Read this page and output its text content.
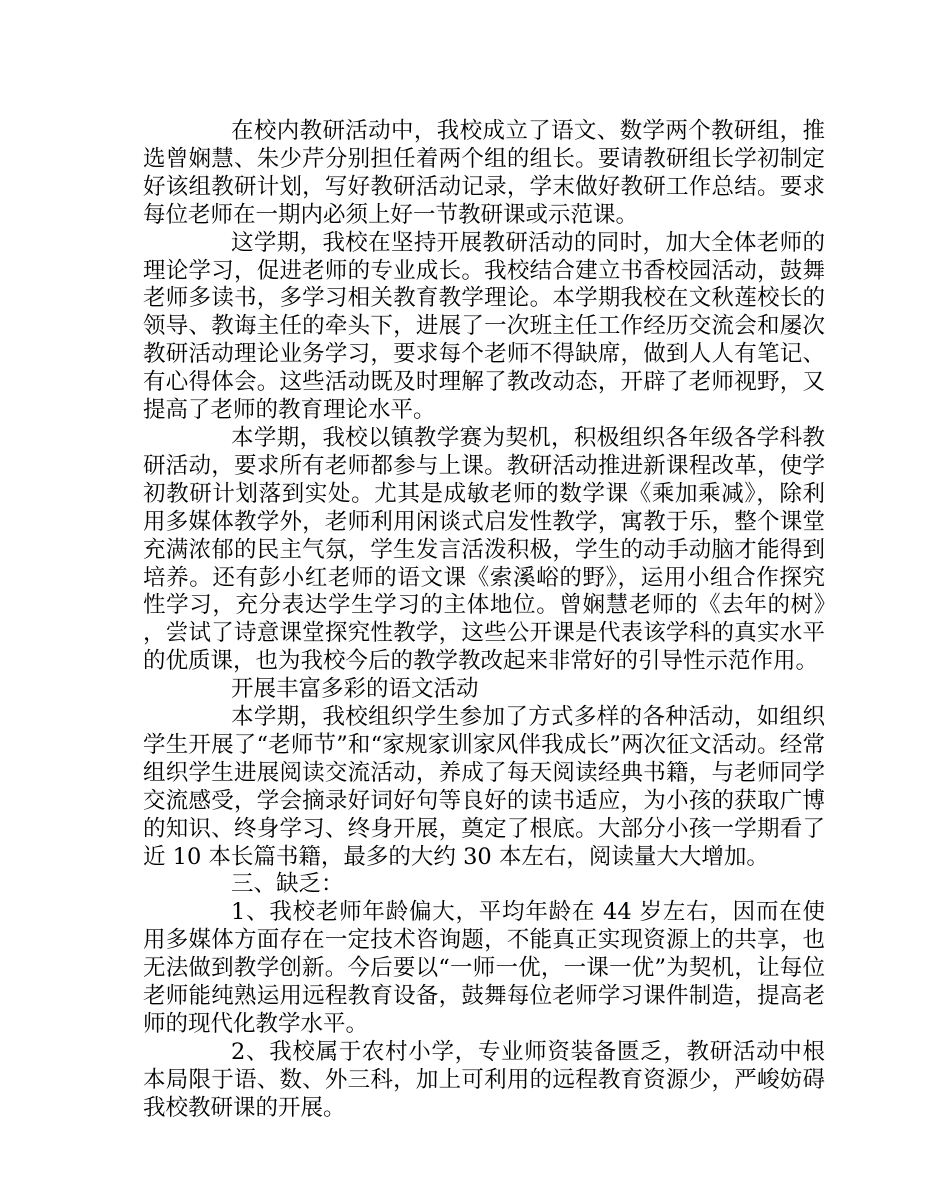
在校内教研活动中，我校成立了语文、数学两个教研组，推选曾娴慧、朱少芹分别担任着两个组的组长。要请教研组长学初制定好该组教研计划，写好教研活动记录，学末做好教研工作总结。要求每位老师在一期内必须上好一节教研课或示范课。

这学期，我校在坚持开展教研活动的同时，加大全体老师的理论学习，促进老师的专业成长。我校结合建立书香校园活动，鼓舞老师多读书，多学习相关教育教学理论。本学期我校在文秋莲校长的领导、教诲主任的牵头下，进展了一次班主任工作经历交流会和屡次教研活动理论业务学习，要求每个老师不得缺席，做到人人有笔记、有心得体会。这些活动既及时理解了教改动态，开辟了老师视野，又提高了老师的教育理论水平。

本学期，我校以镇教学赛为契机，积极组织各年级各学科教研活动，要求所有老师都参与上课。教研活动推进新课程改革，使学初教研计划落到实处。尤其是成敏老师的数学课《乘加乘减》，除利用多媒体教学外，老师利用闲谈式启发性教学，寓教于乐，整个课堂充满浓郁的民主气氛，学生发言活泼积极，学生的动手动脑才能得到培养。还有彭小红老师的语文课《索溪峪的野》，运用小组合作探究性学习，充分表达学生学习的主体地位。曾娴慧老师的《去年的树》，尝试了诗意课堂探究性教学，这些公开课是代表该学科的真实水平的优质课，也为我校今后的教学教改起来非常好的引导性示范作用。

开展丰富多彩的语文活动

本学期，我校组织学生参加了方式多样的各种活动，如组织学生开展了“老师节”和“家规家训家风伴我成长”两次征文活动。经常组织学生进展阅读交流活动，养成了每天阅读经典书籍，与老师同学交流感受，学会摘录好词好句等良好的读书适应，为小孩的获取广博的知识、终身学习、终身开展，奠定了根底。大部分小孩一学期看了近 10 本长篇书籍，最多的大约 30 本左右，阅读量大大增加。

三、缺乏：

1、我校老师年龄偏大，平均年龄在 44 岁左右，因而在使用多媒体方面存在一定技术咨询题，不能真正实现资源上的共享，也无法做到教学创新。今后要以“一师一优，一课一优”为契机，让每位老师能纯熟运用远程教育设备，鼓舞每位老师学习课件制造，提高老师的现代化教学水平。

2、我校属于农村小学，专业师资装备匮乏，教研活动中根本局限于语、数、外三科，加上可利用的远程教育资源少，严峻妨碍我校教研课的开展。
